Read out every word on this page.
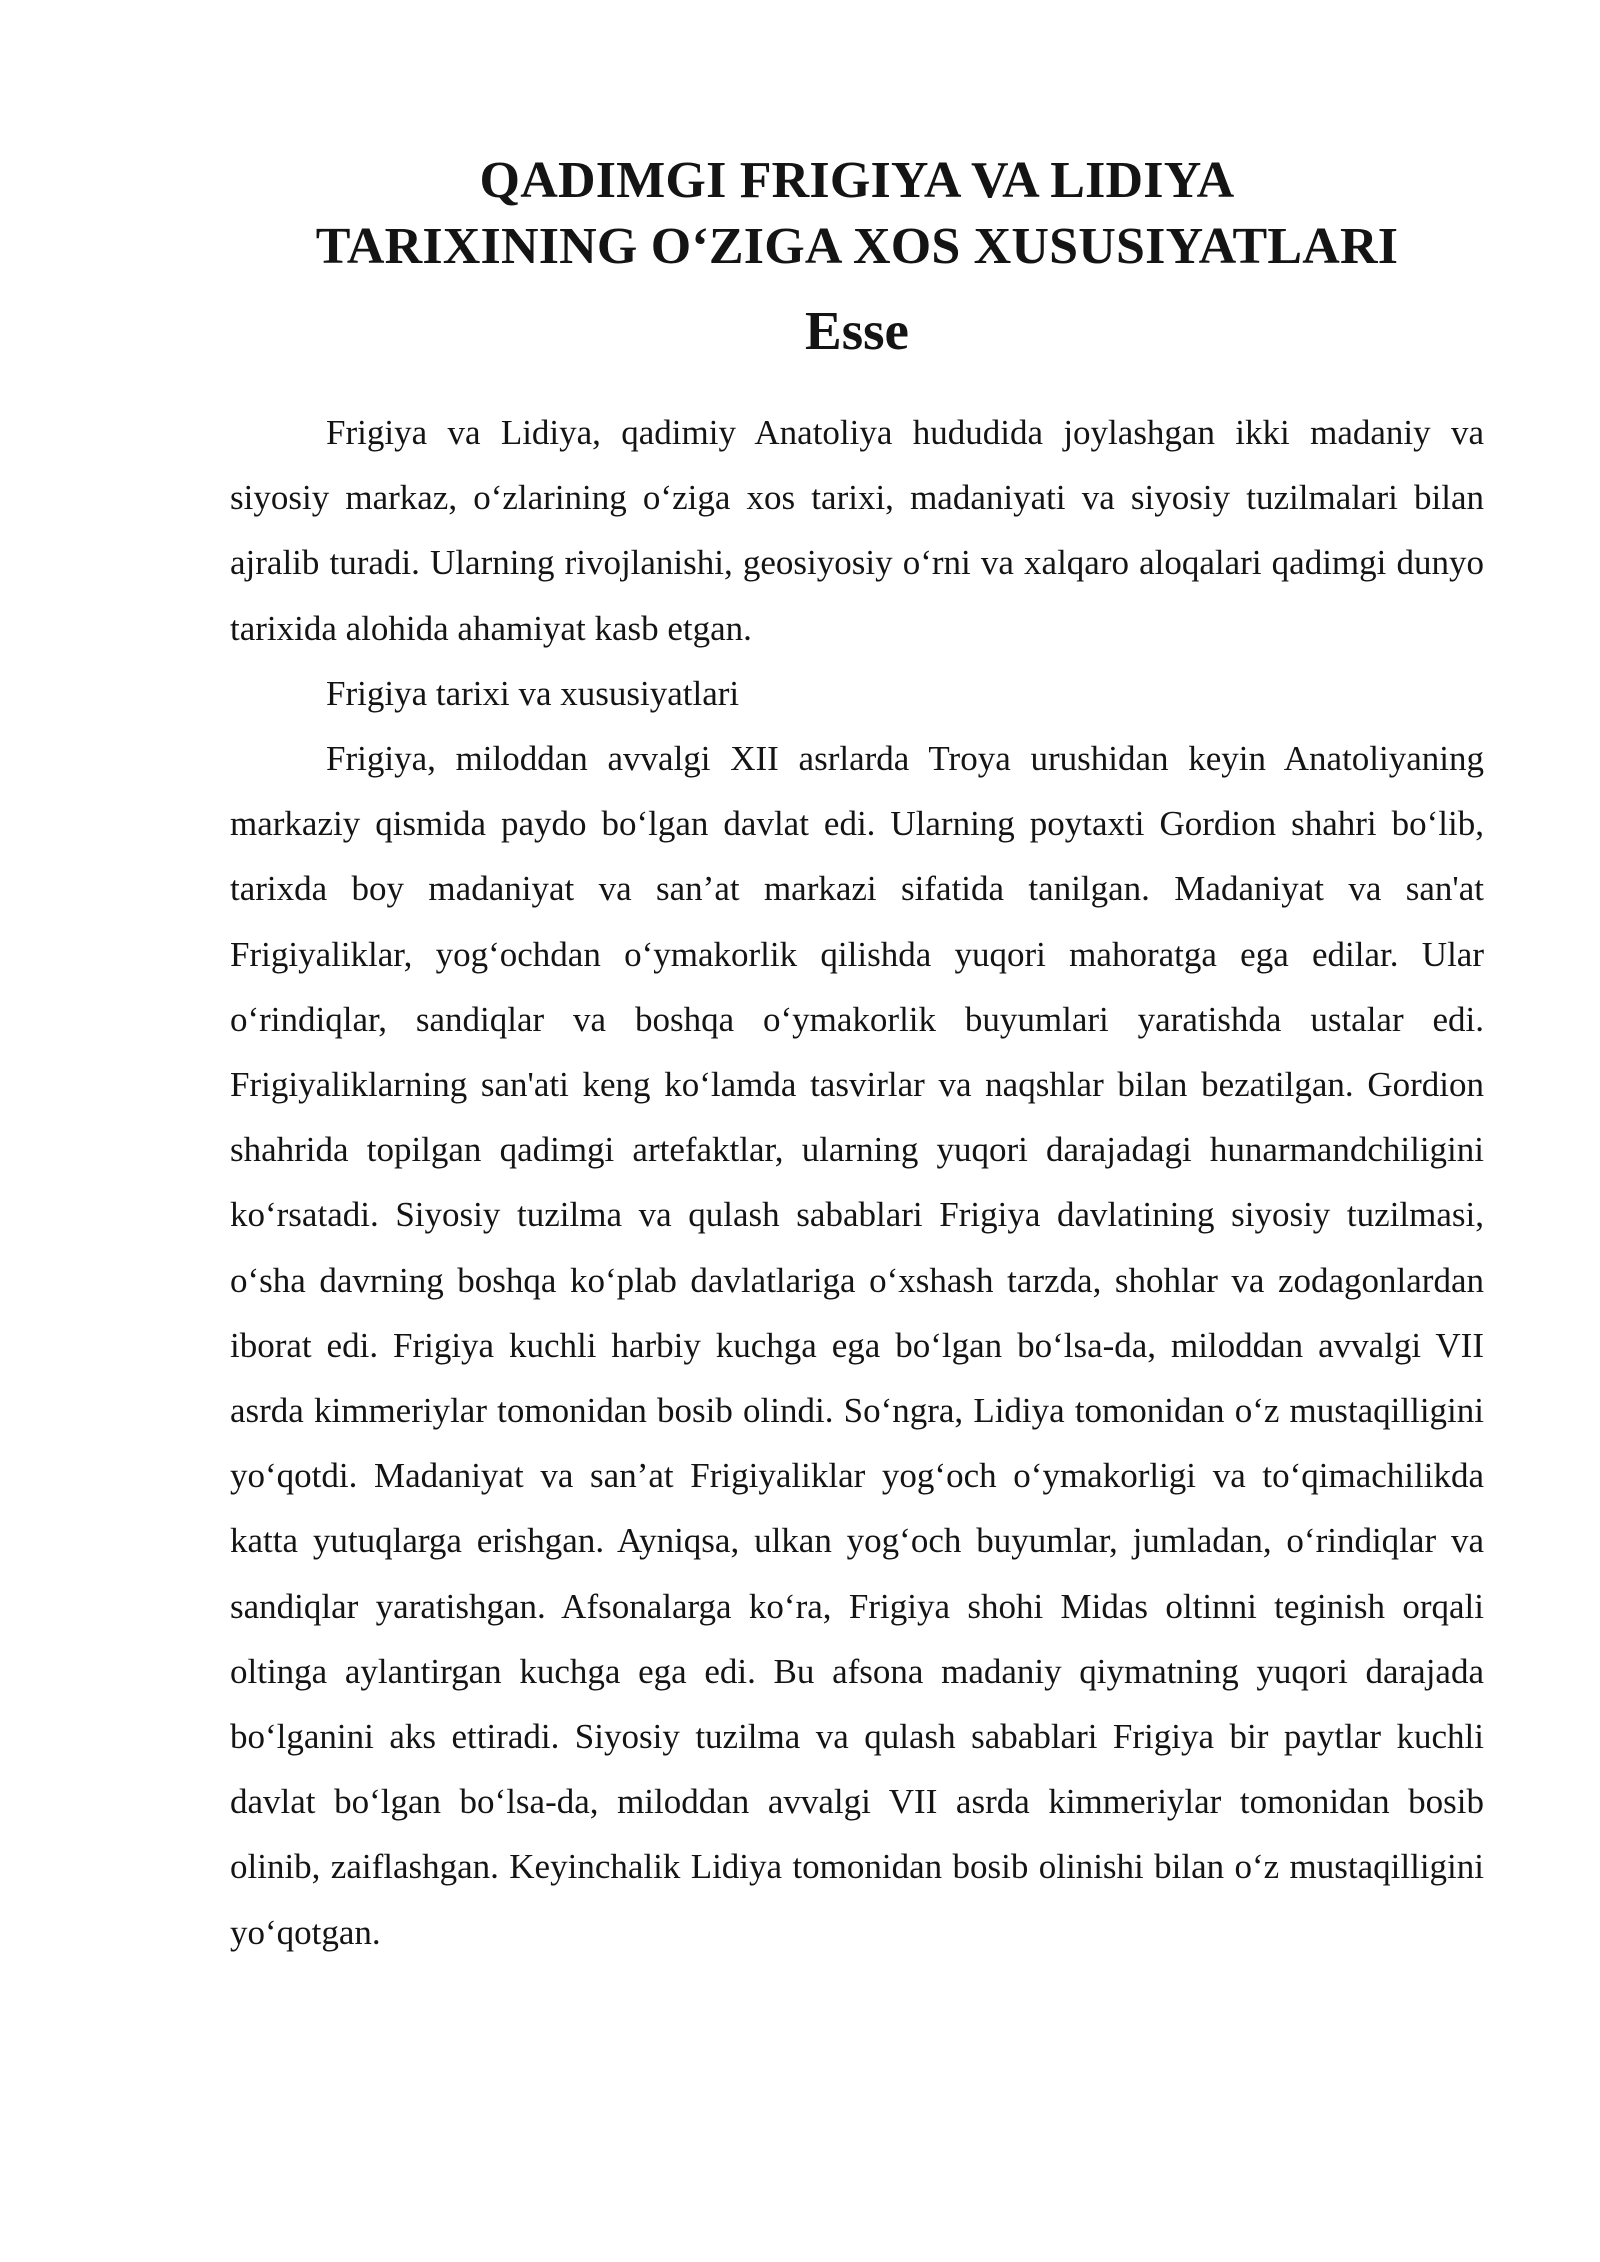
QADIMGI FRIGIYA VA LIDIYA
TARIXINING O‘ZIGA XOS XUSUSIYATLARI
Esse

Frigiya va Lidiya, qadimiy Anatoliya hududida joylashgan ikki madaniy va siyosiy markaz, o‘zlarining o‘ziga xos tarixi, madaniyati va siyosiy tuzilmalari bilan ajralib turadi. Ularning rivojlanishi, geosiyosiy o‘rni va xalqaro aloqalari qadimgi dunyo tarixida alohida ahamiyat kasb etgan.

Frigiya tarixi va xususiyatlari

Frigiya, miloddan avvalgi XII asrlarda Troya urushidan keyin Anatoliyaning markaziy qismida paydo bo‘lgan davlat edi. Ularning poytaxti Gordion shahri bo‘lib, tarixda boy madaniyat va san’at markazi sifatida tanilgan. Madaniyat va san'at Frigiyaliklar, yog‘ochdan o‘ymakorlik qilishda yuqori mahoratga ega edilar. Ular o‘rindiqlar, sandiqlar va boshqa o‘ymakorlik buyumlari yaratishda ustalar edi. Frigiyaliklarning san'ati keng ko‘lamda tasvirlar va naqshlar bilan bezatilgan. Gordion shahrida topilgan qadimgi artefaktlar, ularning yuqori darajadagi hunarmandchiligini ko‘rsatadi. Siyosiy tuzilma va qulash sabablari Frigiya davlatining siyosiy tuzilmasi, o‘sha davrning boshqa ko‘plab davlatlariga o‘xshash tarzda, shohlar va zodagonlardan iborat edi. Frigiya kuchli harbiy kuchga ega bo‘lgan bo‘lsa-da, miloddan avvalgi VII asrda kimmeriylar tomonidan bosib olindi. So‘ngra, Lidiya tomonidan o‘z mustaqilligini yo‘qotdi. Madaniyat va san’at Frigiyaliklar yog‘och o‘ymakorligi va to‘qimachilikda katta yutuqlarga erishgan. Ayniqsa, ulkan yog‘och buyumlar, jumladan, o‘rindiqlar va sandiqlar yaratishgan. Afsonalarga ko‘ra, Frigiya shohi Midas oltinni teginish orqali oltinga aylantirgan kuchga ega edi. Bu afsona madaniy qiymatning yuqori darajada bo‘lganini aks ettiradi. Siyosiy tuzilma va qulash sabablari Frigiya bir paytlar kuchli davlat bo‘lgan bo‘lsa-da, miloddan avvalgi VII asrda kimmeriylar tomonidan bosib olinib, zaiflashgan. Keyinchalik Lidiya tomonidan bosib olinishi bilan o‘z mustaqilligini yo‘qotgan.
